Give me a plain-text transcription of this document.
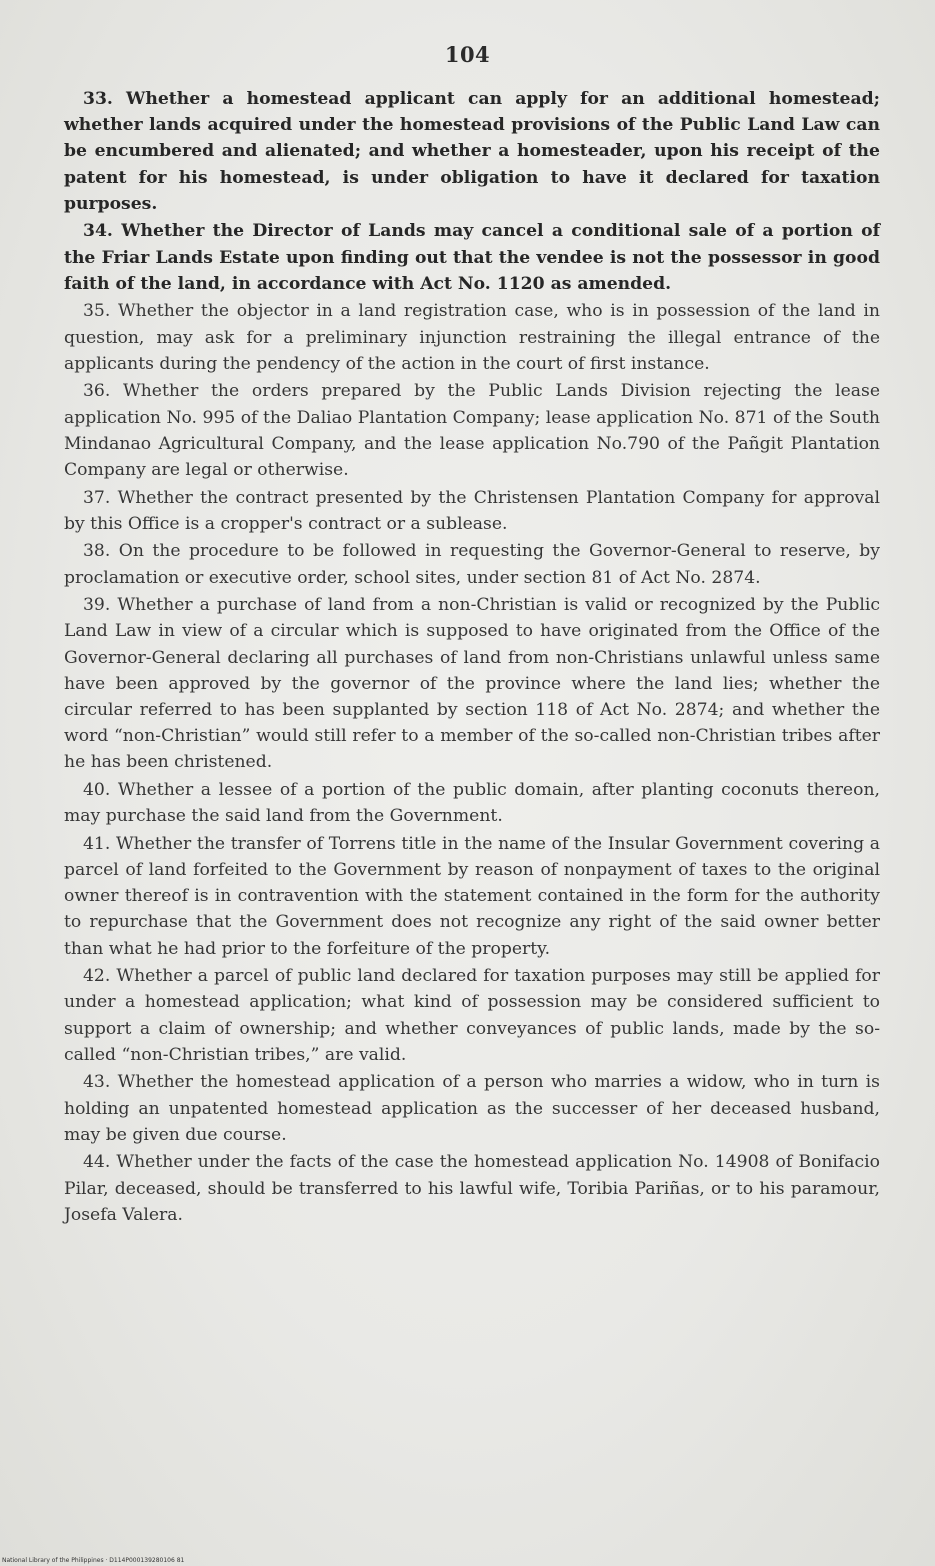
104

33. Whether a homestead applicant can apply for an additional homestead; whether lands acquired under the homestead provisions of the Public Land Law can be encumbered and alienated; and whether a homesteader, upon his receipt of the patent for his homestead, is under obligation to have it declared for taxation purposes.

34. Whether the Director of Lands may cancel a conditional sale of a portion of the Friar Lands Estate upon finding out that the vendee is not the possessor in good faith of the land, in accordance with Act No. 1120 as amended.

35. Whether the objector in a land registration case, who is in possession of the land in question, may ask for a preliminary injunction restraining the illegal entrance of the applicants during the pendency of the action in the court of first instance.

36. Whether the orders prepared by the Public Lands Division rejecting the lease application No. 995 of the Daliao Plantation Company; lease application No. 871 of the South Mindanao Agricultural Company, and the lease application No.790 of the Pañgit Plantation Company are legal or otherwise.

37. Whether the contract presented by the Christensen Plantation Company for approval by this Office is a cropper's contract or a sublease.

38. On the procedure to be followed in requesting the Governor-General to reserve, by proclamation or executive order, school sites, under section 81 of Act No. 2874.

39. Whether a purchase of land from a non-Christian is valid or recognized by the Public Land Law in view of a circular which is supposed to have originated from the Office of the Governor-General declaring all purchases of land from non-Christians unlawful unless same have been approved by the governor of the province where the land lies; whether the circular referred to has been supplanted by section 118 of Act No. 2874; and whether the word “non-Christian” would still refer to a member of the so-called non-Christian tribes after he has been christened.

40. Whether a lessee of a portion of the public domain, after planting coconuts thereon, may purchase the said land from the Government.

41. Whether the transfer of Torrens title in the name of the Insular Government covering a parcel of land forfeited to the Government by reason of nonpayment of taxes to the original owner thereof is in contravention with the statement contained in the form for the authority to repurchase that the Government does not recognize any right of the said owner better than what he had prior to the forfeiture of the property.

42. Whether a parcel of public land declared for taxation purposes may still be applied for under a homestead application; what kind of possession may be considered sufficient to support a claim of ownership; and whether conveyances of public lands, made by the so-called “non-Christian tribes,” are valid.

43. Whether the homestead application of a person who marries a widow, who in turn is holding an unpatented homestead application as the successer of her deceased husband, may be given due course.

44. Whether under the facts of the case the homestead application No. 14908 of Bonifacio Pilar, deceased, should be transferred to his lawful wife, Toribia Pariñas, or to his paramour, Josefa Valera.

National Library of the Philippines · D114P000139280106 81
